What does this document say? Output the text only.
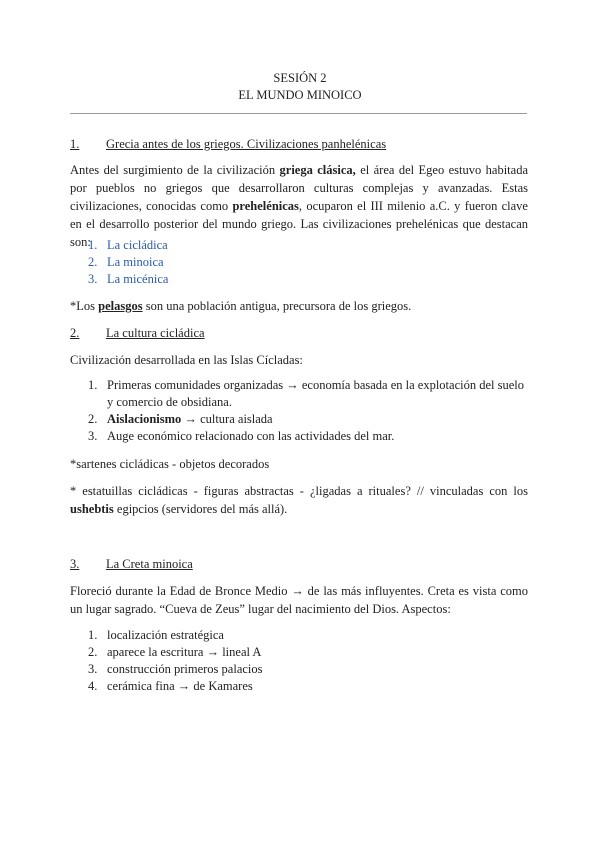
SESIÓN 2
EL MUNDO MINOICO
1. Grecia antes de los griegos. Civilizaciones panhelénicas
Antes del surgimiento de la civilización griega clásica, el área del Egeo estuvo habitada por pueblos no griegos que desarrollaron culturas complejas y avanzadas. Estas civilizaciones, conocidas como prehelénicas, ocuparon el III milenio a.C. y fueron clave en el desarrollo posterior del mundo griego. Las civilizaciones prehelénicas que destacan son:
1. La cicládica
2. La minoica
3. La micénica
*Los pelasgos son una población antigua, precursora de los griegos.
2. La cultura cicládica
Civilización desarrollada en las Islas Cícladas:
1. Primeras comunidades organizadas → economía basada en la explotación del suelo y comercio de obsidiana.
2. Aislacionismo → cultura aislada
3. Auge económico relacionado con las actividades del mar.
*sartenes cicládicas - objetos decorados
* estatuillas cicládicas - figuras abstractas - ¿ligadas a rituales? // vinculadas con los ushebtis egipcios (servidores del más allá).
3. La Creta minoica
Floreció durante la Edad de Bronce Medio → de las más influyentes. Creta es vista como un lugar sagrado. “Cueva de Zeus” lugar del nacimiento del Dios. Aspectos:
1. localización estratégica
2. aparece la escritura → lineal A
3. construcción primeros palacios
4. cerámica fina → de Kamares
